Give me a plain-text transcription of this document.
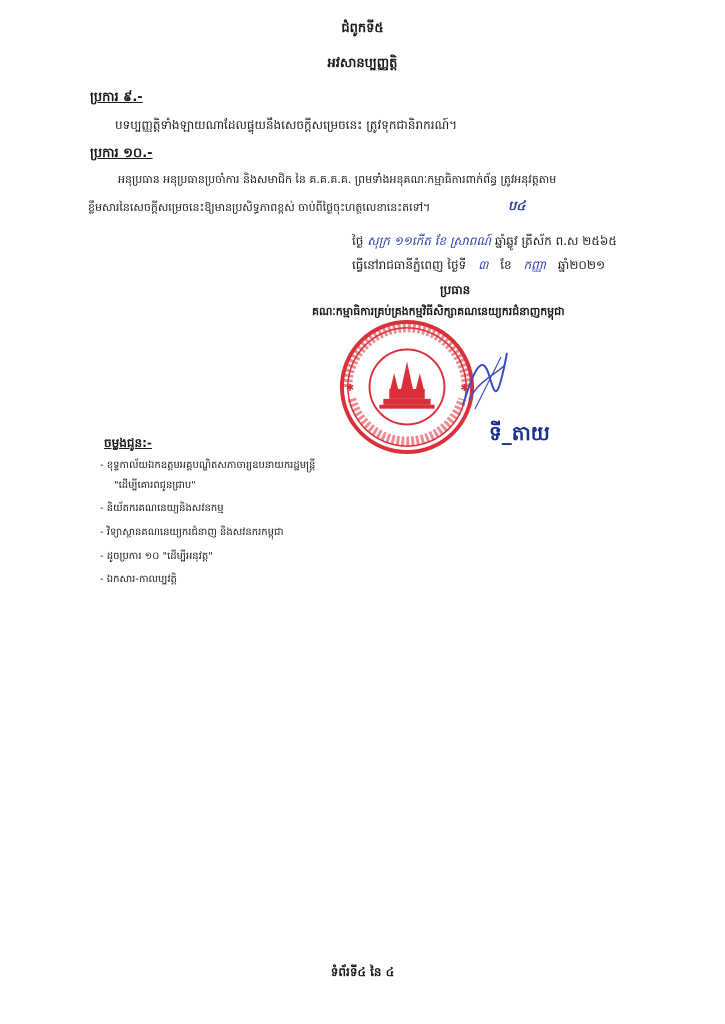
ជំពូកទី៥
អវសានប្បញ្ញត្តិ
ប្រការ ៩.-
បទប្បញ្ញត្តិទាំងឡាយណាដែលផ្ទុយនឹងសេចក្តីសម្រេចនេះ ត្រូវទុកជានិរាករណ៍។
ប្រការ ១០.-
អនុប្រធាន អនុប្រធានប្រចាំការ និងសមាជិក នៃ គ.គ.គ.គ. ព្រមទាំងអនុគណៈកម្មាធិការពាក់ព័ន្ធ ត្រូវអនុវត្តតាម
ខ្លឹមសារនៃសេចក្តីសម្រេចនេះឱ្យមានប្រសិទ្ធភាពខ្ពស់ ចាប់ពីថ្ងៃចុះហត្ថលេខានេះតទៅ។	ប៤
ថ្ងៃ សុក្រ ១១កើត ខែ ស្រាពណ៍ ឆ្នាំឆ្លូវ ត្រីស័ក ព.ស ២៥៦៥
ធ្វើនៅរាជធានីភ្នំពេញ ថ្ងៃទី ៣ ខែ កញ្ញា ឆ្នាំ២០២១
ប្រធាន
គណៈកម្មាធិការគ្រប់គ្រងកម្មវិធីសិក្សាគណនេយ្យករជំនាញកម្ពុជា
✱	✱
ទី_តាយ
ចម្លងជូន:-
- ខុទ្ទកាល័យឯកឧត្តមអគ្គបណ្ឌិតសភាចារ្យឧបនាយករដ្ឋមន្ត្រី
"ដើម្បីគោរពជូនជ្រាប"
- និយ័តករគណនេយ្យនិងសវនកម្ម
- វិទ្យាស្ថានគណនេយ្យករជំនាញ និងសវនករកម្ពុជា
- ដូចប្រការ ១០ "ដើម្បីអនុវត្ត"
- ឯកសារ-កាលប្បវត្តិ
ទំព័រទី៤ នៃ ៤
